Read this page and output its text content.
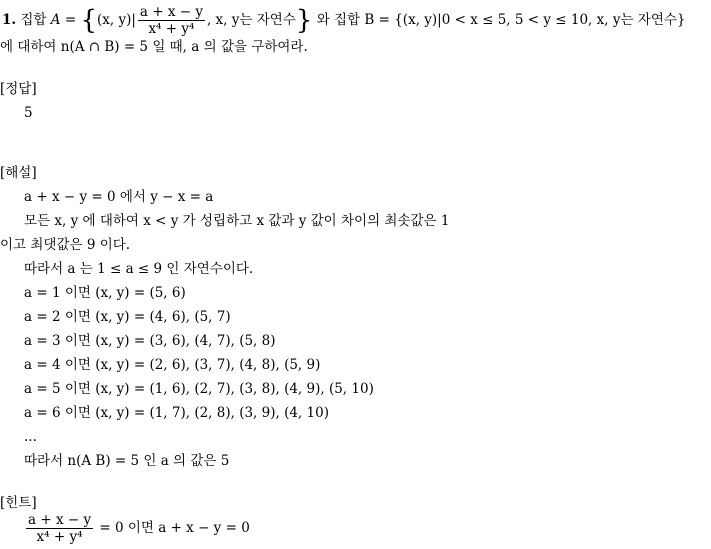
1. 집합 A = {(x, $y)| \frac{a + x - y}{\text{x⁴ + y⁴}}$ , x, y는 자연수} 와 집합 B = {(x, y)|0 < x ≤ 5, 5 < y ≤ 10, x, y는 자연수}
에 대하여 n(A ∩ B) = 5 일 때, a 의 값을 구하여라.
[정답]
5
[해설]
a + x − y = 0 에서 y − x = a
모든 x, y 에 대하여 x < y 가 성립하고 x 값과 y 값이 차이의 최솟값은 1
이고 최댓값은 9 이다.
따라서 a 는 1 ≤ a ≤ 9 인 자연수이다.
a = 1 이면 (x, y) = (5, 6)
a = 2 이면 (x, y) = (4, 6), (5, 7)
a = 3 이면 (x, y) = (3, 6), (4, 7), (5, 8)
a = 4 이면 (x, y) = (2, 6), (3, 7), (4, 8), (5, 9)
a = 5 이면 (x, y) = (1, 6), (2, 7), (3, 8), (4, 9), (5, 10)
a = 6 이면 (x, y) = (1, 7), (2, 8), (3, 9), (4, 10)
...
따라서 n(A B) = 5 인 a 의 값은 5
[힌트]
$\frac{a + x - y}{\text{x⁴ + y⁴}} = 0$ 이면 a + x − y = 0
